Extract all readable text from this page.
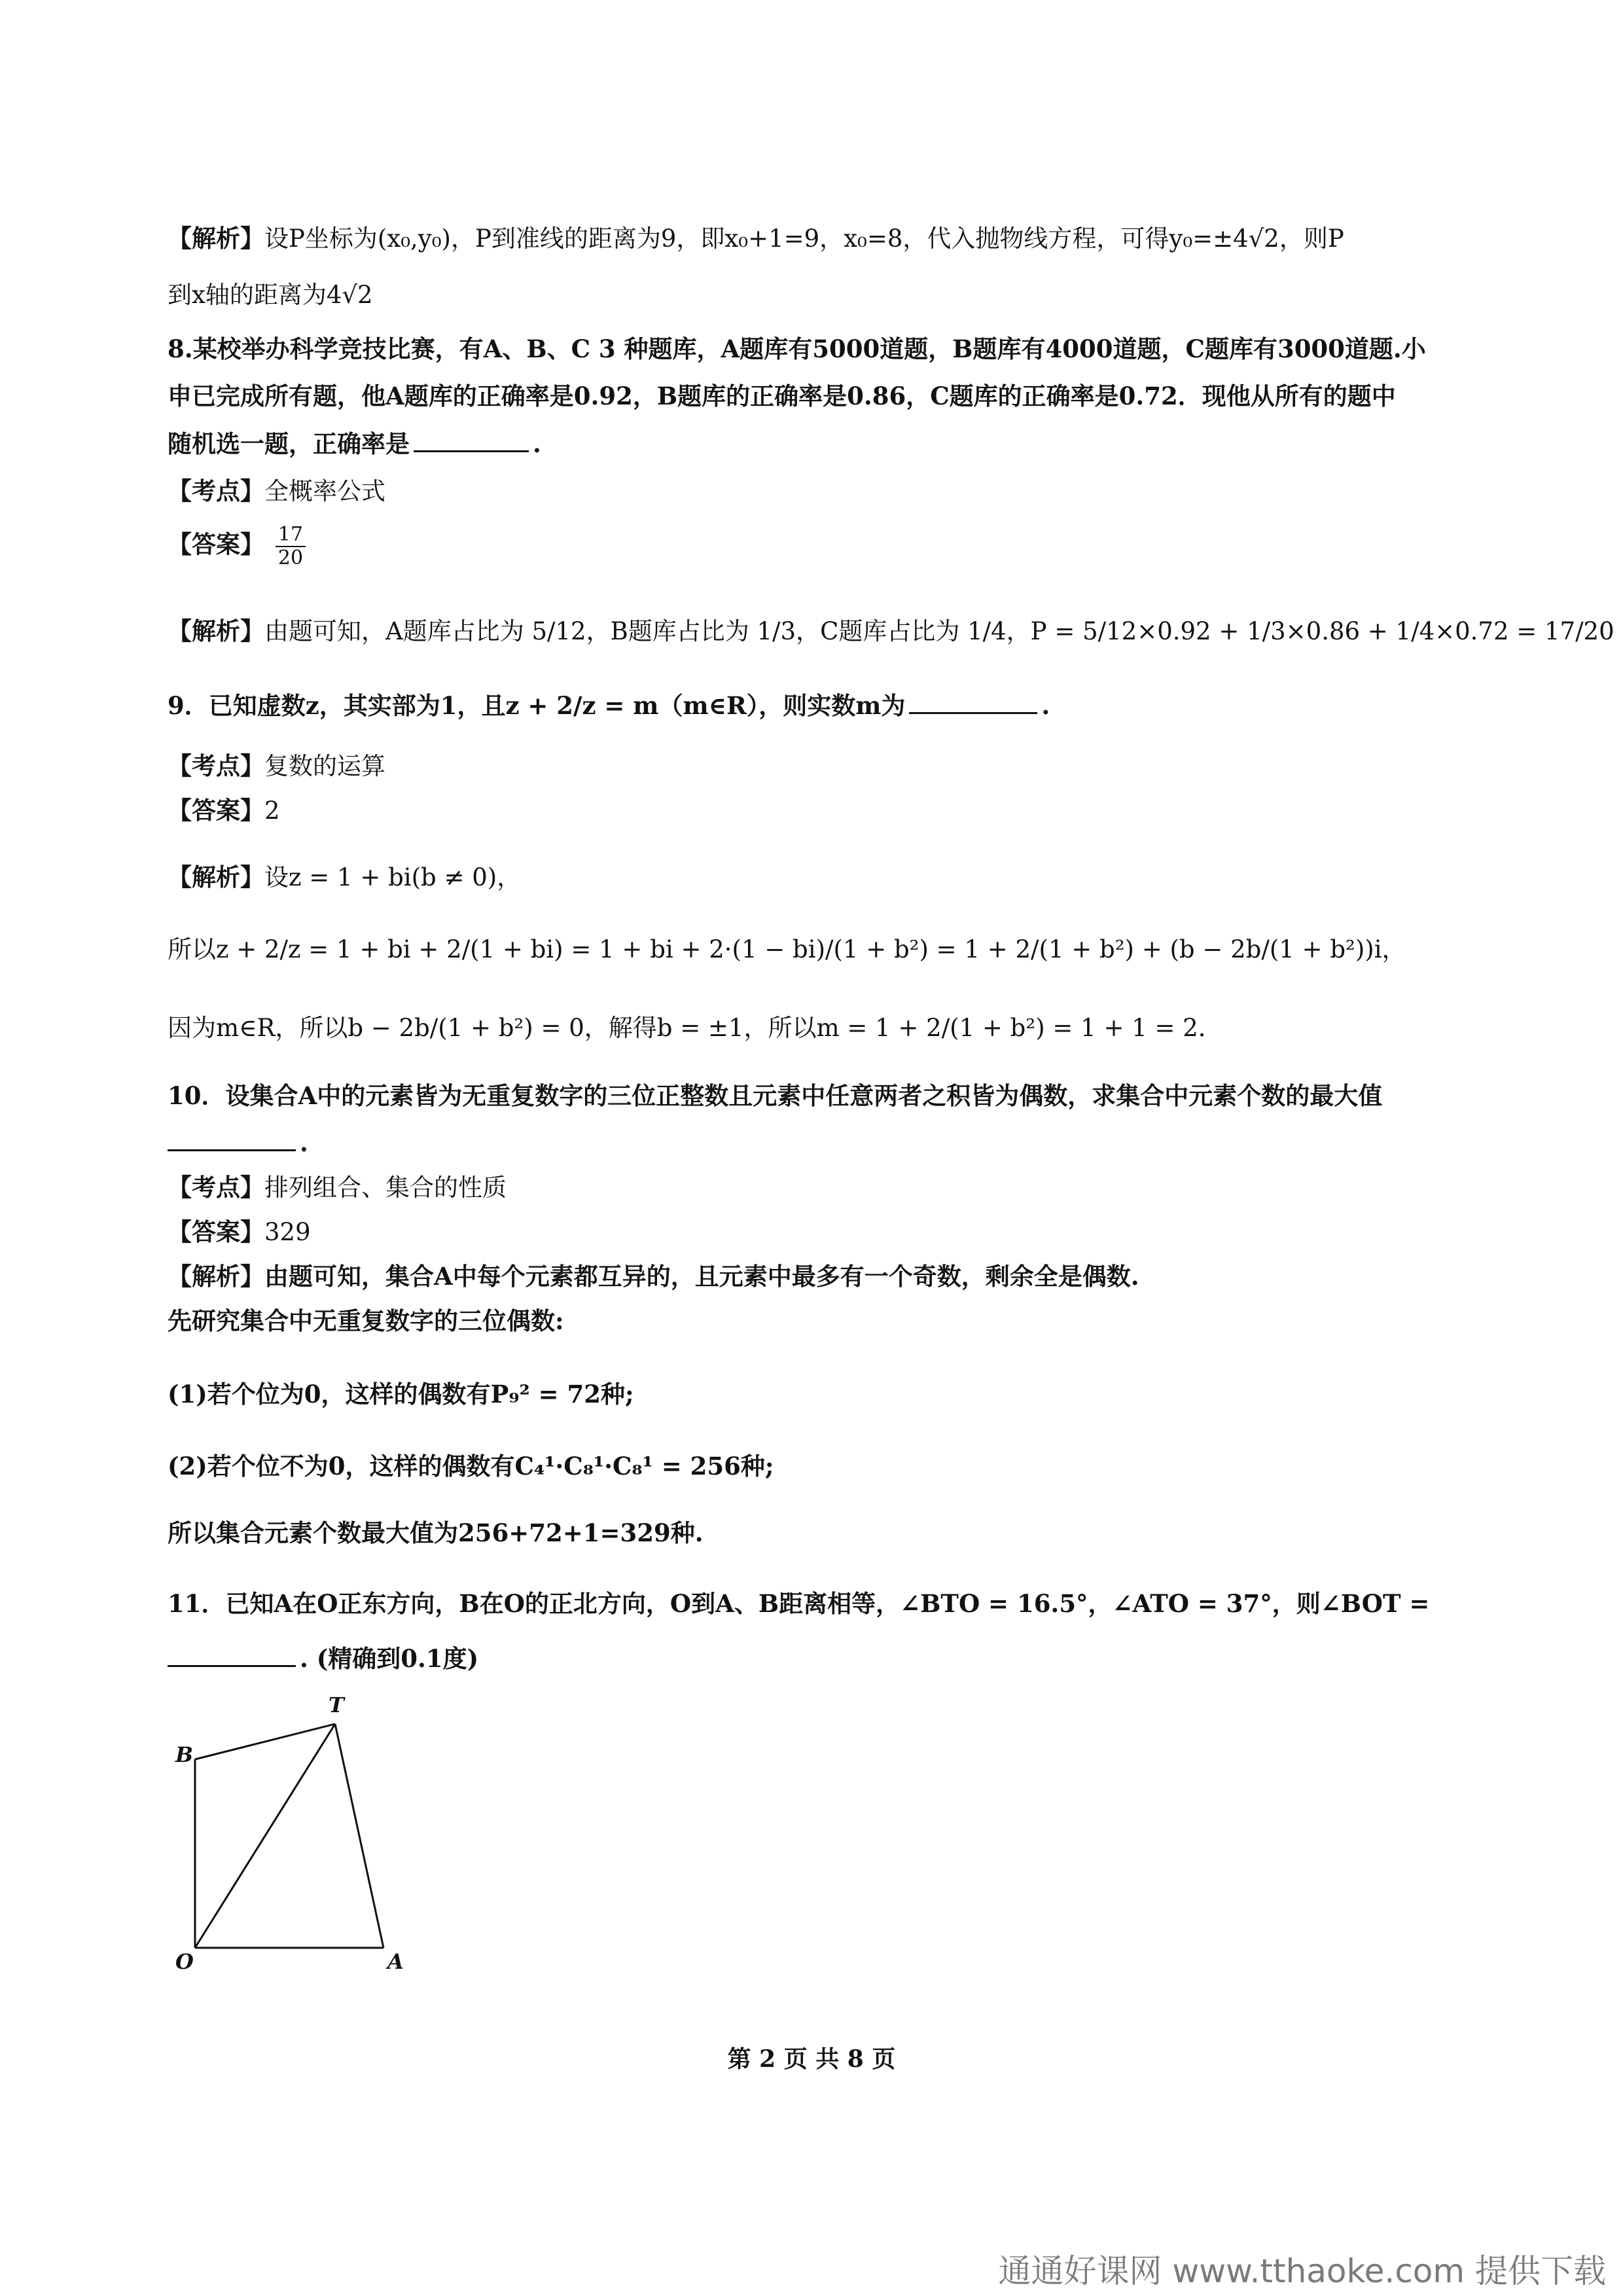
【解析】设P坐标为(x₀,y₀)，P到准线的距离为9，即x₀+1=9，x₀=8，代入抛物线方程，可得y₀=±4√2，则P
到x轴的距离为4√2
8.某校举办科学竞技比赛，有A、B、C 3 种题库，A题库有5000道题，B题库有4000道题，C题库有3000道题.小
申已完成所有题，他A题库的正确率是0.92，B题库的正确率是0.86，C题库的正确率是0.72．现他从所有的题中
随机选一题，正确率是	.
【考点】全概率公式
【答案】 $\frac{17}{20}$
【解析】由题可知，A题库占比为 5/12，B题库占比为 1/3，C题库占比为 1/4，P = 5/12×0.92 + 1/3×0.86 + 1/4×0.72 = 17/20
9．已知虚数z，其实部为1，且z + 2/z = m（m∈R），则实数m为	.
【考点】复数的运算
【答案】2
【解析】设z = 1 + bi(b ≠ 0)，
所以z + 2/z = 1 + bi + 2/(1 + bi) = 1 + bi + 2·(1 − bi)/(1 + b²) = 1 + 2/(1 + b²) + (b − 2b/(1 + b²))i，
因为m∈R，所以b − 2b/(1 + b²) = 0，解得b = ±1，所以m = 1 + 2/(1 + b²) = 1 + 1 = 2．
10．设集合A中的元素皆为无重复数字的三位正整数且元素中任意两者之积皆为偶数，求集合中元素个数的最大值
.
【考点】排列组合、集合的性质
【答案】329
【解析】由题可知，集合A中每个元素都互异的，且元素中最多有一个奇数，剩余全是偶数.
先研究集合中无重复数字的三位偶数:
(1)若个位为0，这样的偶数有P₉² = 72种;
(2)若个位不为0，这样的偶数有C₄¹·C₈¹·C₈¹ = 256种;
所以集合元素个数最大值为256+72+1=329种.
11．已知A在O正东方向，B在O的正北方向，O到A、B距离相等，∠BTO = 16.5°，∠ATO = 37°，则∠BOT =
. (精确到0.1度)
T
B
O	A
第 2 页 共 8 页
通通好课网 www.tthaoke.com 提供下载
